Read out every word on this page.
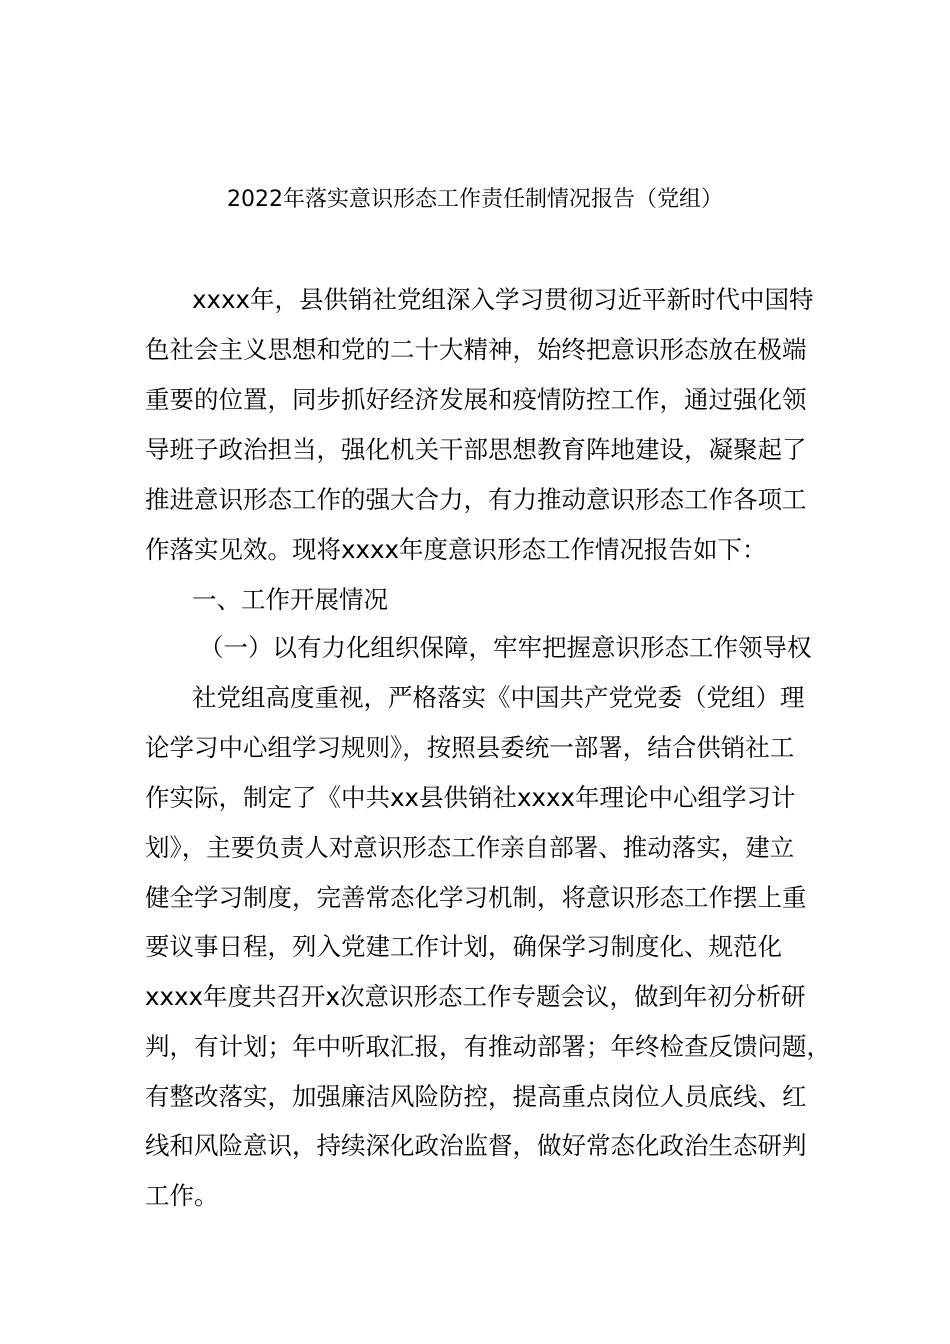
2022年落实意识形态工作责任制情况报告（党组）
xxxx年，县供销社党组深入学习贯彻习近平新时代中国特
色社会主义思想和党的二十大精神，始终把意识形态放在极端
重要的位置，同步抓好经济发展和疫情防控工作，通过强化领
导班子政治担当，强化机关干部思想教育阵地建设，凝聚起了
推进意识形态工作的强大合力，有力推动意识形态工作各项工
作落实见效。现将xxxx年度意识形态工作情况报告如下：
一、工作开展情况
（一）以有力化组织保障，牢牢把握意识形态工作领导权
社党组高度重视，严格落实《中国共产党党委（党组）理
论学习中心组学习规则》，按照县委统一部署，结合供销社工
作实际，制定了《中共xx县供销社xxxx年理论中心组学习计
划》，主要负责人对意识形态工作亲自部署、推动落实，建立
健全学习制度，完善常态化学习机制，将意识形态工作摆上重
要议事日程，列入党建工作计划，确保学习制度化、规范化
xxxx年度共召开x次意识形态工作专题会议，做到年初分析研
判，有计划；年中听取汇报，有推动部署；年终检查反馈问题，
有整改落实，加强廉洁风险防控，提高重点岗位人员底线、红
线和风险意识，持续深化政治监督，做好常态化政治生态研判
工作。
